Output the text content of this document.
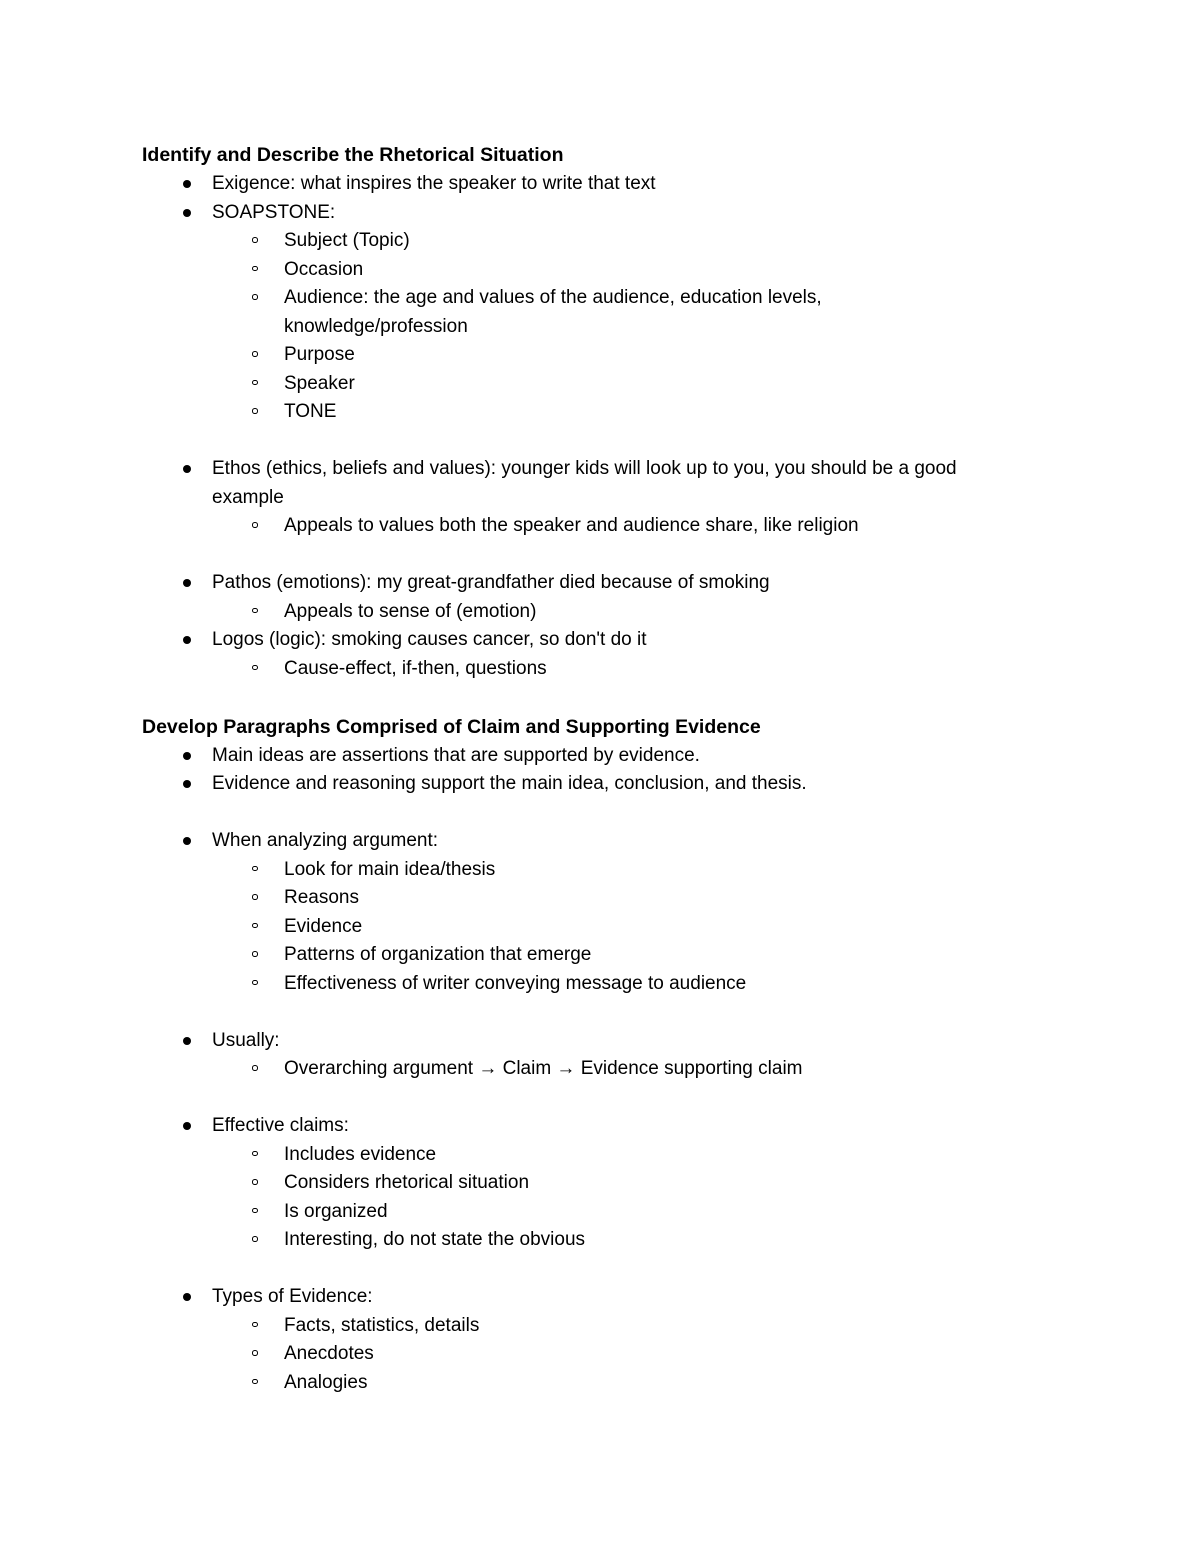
Identify and Describe the Rhetorical Situation
Exigence: what inspires the speaker to write that text
SOAPSTONE:
Subject (Topic)
Occasion
Audience: the age and values of the audience, education levels,
knowledge/profession
Purpose
Speaker
TONE
Ethos (ethics, beliefs and values): younger kids will look up to you, you should be a good
example
Appeals to values both the speaker and audience share, like religion
Pathos (emotions): my great-grandfather died because of smoking
Appeals to sense of (emotion)
Logos (logic): smoking causes cancer, so don't do it
Cause-effect, if-then, questions
Develop Paragraphs Comprised of Claim and Supporting Evidence
Main ideas are assertions that are supported by evidence.
Evidence and reasoning support the main idea, conclusion, and thesis.
When analyzing argument:
Look for main idea/thesis
Reasons
Evidence
Patterns of organization that emerge
Effectiveness of writer conveying message to audience
Usually:
Overarching argument → Claim → Evidence supporting claim
Effective claims:
Includes evidence
Considers rhetorical situation
Is organized
Interesting, do not state the obvious
Types of Evidence:
Facts, statistics, details
Anecdotes
Analogies
